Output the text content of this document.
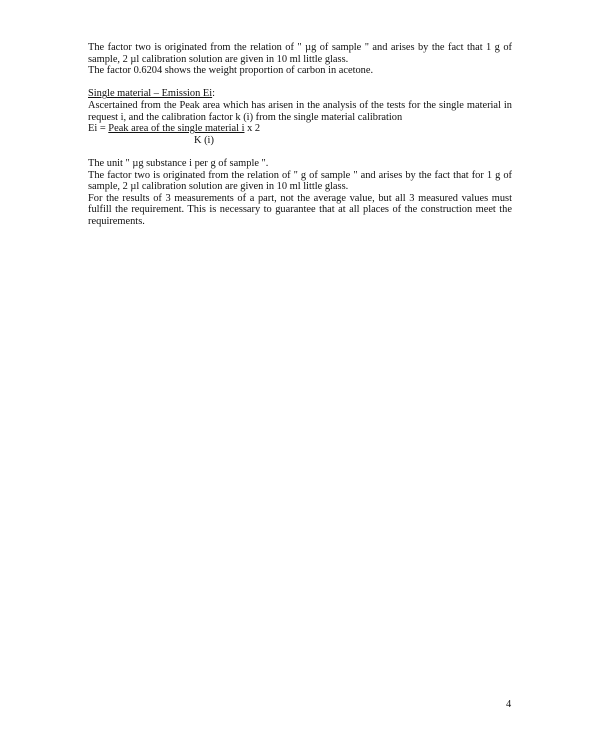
The factor two is originated from the relation of " µg of sample " and arises by the fact that 1 g of sample, 2 µl calibration solution are given in 10 ml little glass.

The factor 0.6204 shows the weight proportion of carbon in acetone.

Single material – Emission Ei:

Ascertained from the Peak area which has arisen in the analysis of the tests for the single material in request i, and the calibration factor k (i) from the single material calibration

Ei = Peak area of the single material i x 2

K (i)

The unit " µg substance i per g of sample ".

The factor two is originated from the relation of " g of sample " and arises by the fact that for 1 g of sample, 2 µl calibration solution are given in 10 ml little glass.

For the results of 3 measurements of a part, not the average value, but all 3 measured values must fulfill the requirement. This is necessary to guarantee that at all places of the construction meet the requirements.

4
